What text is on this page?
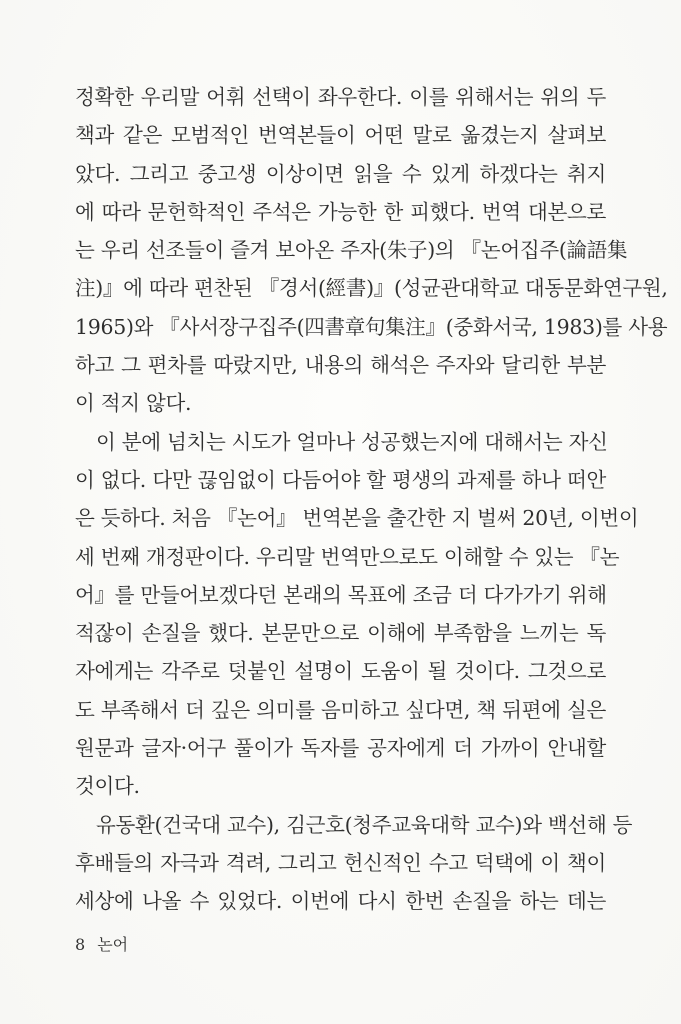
정확한 우리말 어휘 선택이 좌우한다. 이를 위해서는 위의 두
책과 같은 모범적인 번역본들이 어떤 말로 옮겼는지 살펴보
았다. 그리고 중고생 이상이면 읽을 수 있게 하겠다는 취지
에 따라 문헌학적인 주석은 가능한 한 피했다. 번역 대본으로
는 우리 선조들이 즐겨 보아온 주자(朱子)의 『논어집주(論語集
注)』에 따라 편찬된 『경서(經書)』(성균관대학교 대동문화연구원,
1965)와 『사서장구집주(四書章句集注』(중화서국, 1983)를 사용
하고 그 편차를 따랐지만, 내용의 해석은 주자와 달리한 부분
이 적지 않다.
이 분에 넘치는 시도가 얼마나 성공했는지에 대해서는 자신
이 없다. 다만 끊임없이 다듬어야 할 평생의 과제를 하나 떠안
은 듯하다. 처음 『논어』 번역본을 출간한 지 벌써 20년, 이번이
세 번째 개정판이다. 우리말 번역만으로도 이해할 수 있는 『논
어』를 만들어보겠다던 본래의 목표에 조금 더 다가가기 위해
적잖이 손질을 했다. 본문만으로 이해에 부족함을 느끼는 독
자에게는 각주로 덧붙인 설명이 도움이 될 것이다. 그것으로
도 부족해서 더 깊은 의미를 음미하고 싶다면, 책 뒤편에 실은
원문과 글자·어구 풀이가 독자를 공자에게 더 가까이 안내할
것이다.
유동환(건국대 교수), 김근호(청주교육대학 교수)와 백선해 등
후배들의 자극과 격려, 그리고 헌신적인 수고 덕택에 이 책이
세상에 나올 수 있었다. 이번에 다시 한번 손질을 하는 데는
8 논어
